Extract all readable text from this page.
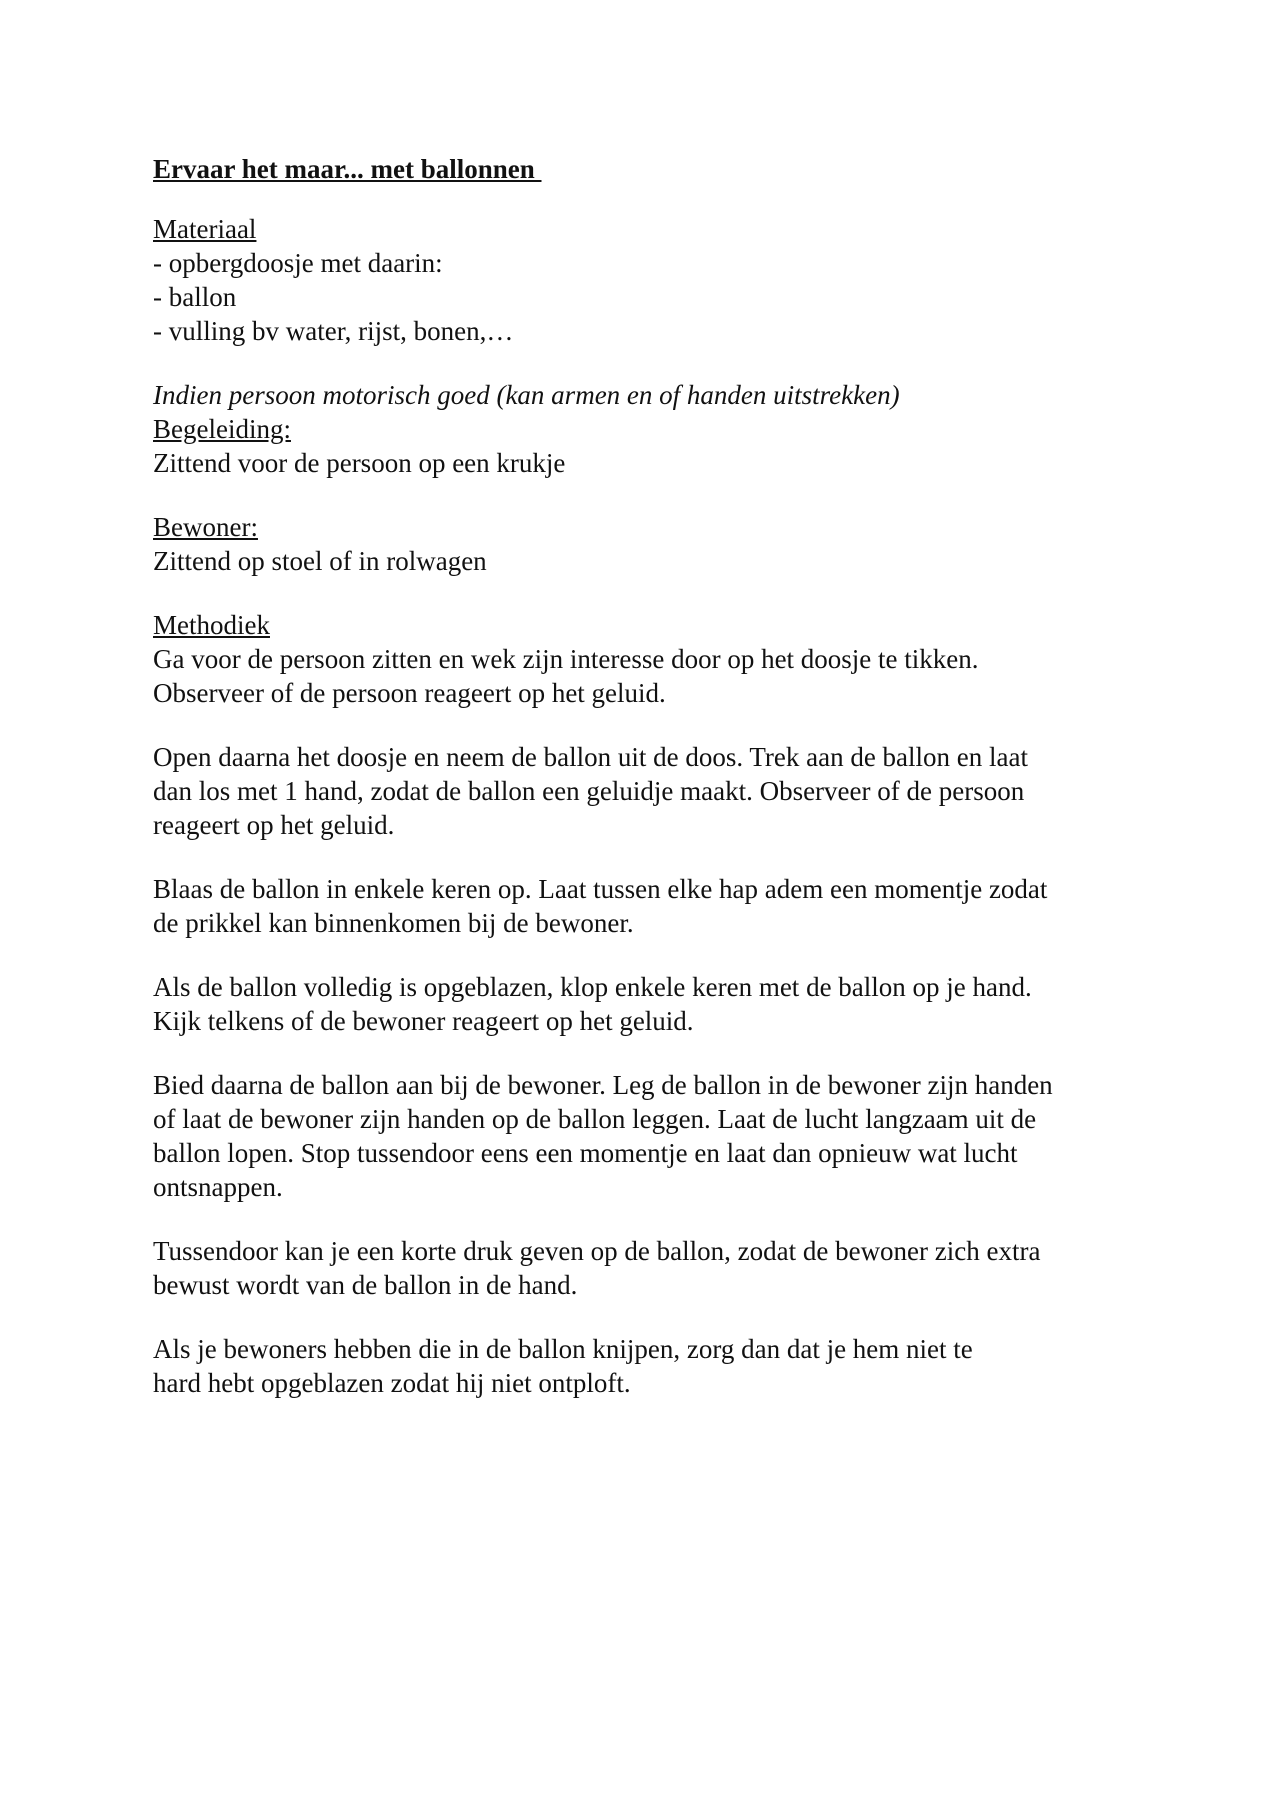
Ervaar het maar... met ballonnen
Materiaal
- opbergdoosje met daarin:
- ballon
- vulling bv water, rijst, bonen,…
Indien persoon motorisch goed (kan armen en of handen uitstrekken)
Begeleiding:
Zittend voor de persoon op een krukje
Bewoner:
Zittend op stoel of in rolwagen
Methodiek
Ga voor de persoon zitten en wek zijn interesse door op het doosje te tikken.
Observeer of de persoon reageert op het geluid.
Open daarna het doosje en neem de ballon uit de doos. Trek aan de ballon en laat
dan los met 1 hand, zodat de ballon een geluidje maakt. Observeer of de persoon
reageert op het geluid.
Blaas de ballon in enkele keren op. Laat tussen elke hap adem een momentje zodat
de prikkel kan binnenkomen bij de bewoner.
Als de ballon volledig is opgeblazen, klop enkele keren met de ballon op je hand.
Kijk telkens of de bewoner reageert op het geluid.
Bied daarna de ballon aan bij de bewoner. Leg de ballon in de bewoner zijn handen
of laat de bewoner zijn handen op de ballon leggen. Laat de lucht langzaam uit de
ballon lopen. Stop tussendoor eens een momentje en laat dan opnieuw wat lucht
ontsnappen.
Tussendoor kan je een korte druk geven op de ballon, zodat de bewoner zich extra
bewust wordt van de ballon in de hand.
Als je bewoners hebben die in de ballon knijpen, zorg dan dat je hem niet te
hard hebt opgeblazen zodat hij niet ontploft.
